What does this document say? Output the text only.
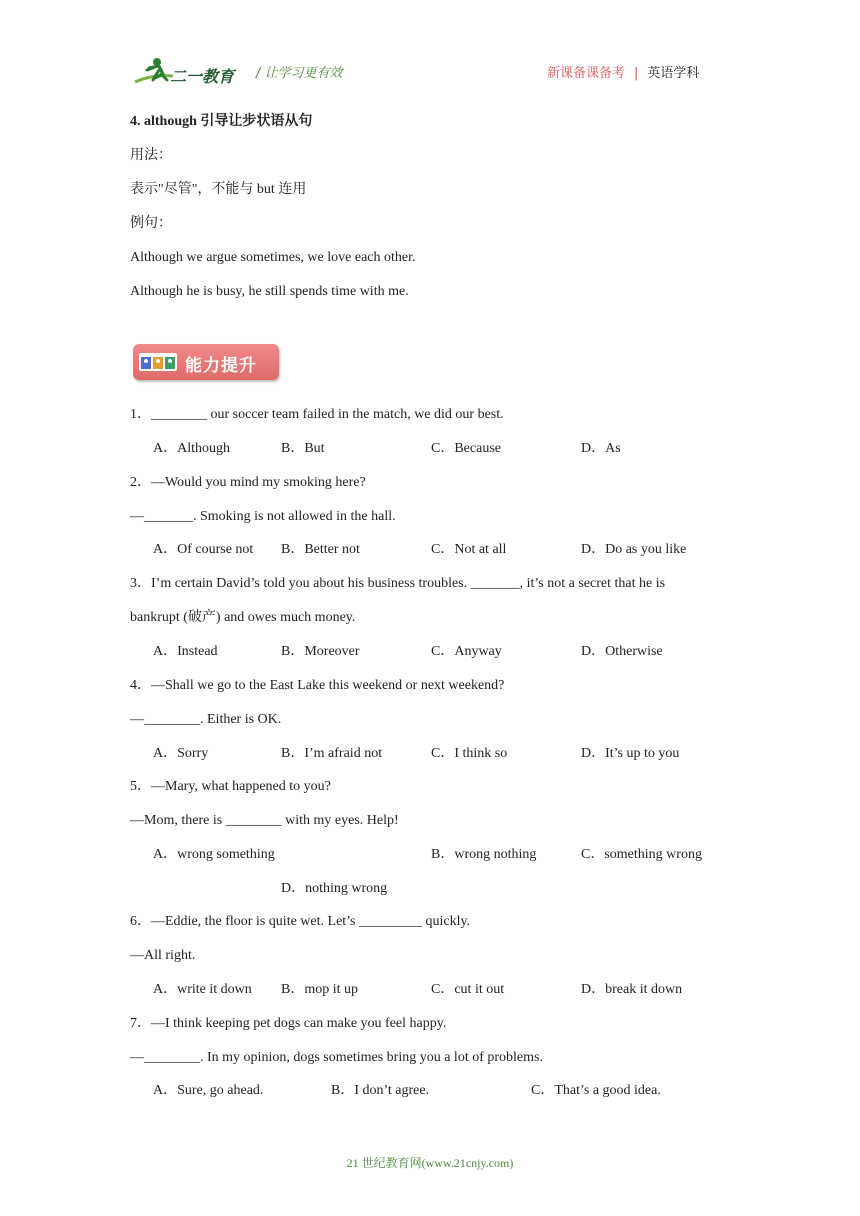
二一教育 / 让学习更有效	新课备课备考 | 英语学科
4. although 引导让步状语从句
用法：
表示"尽管"，不能与 but 连用
例句：
Although we argue sometimes, we love each other.
Although he is busy, he still spends time with me.
能力提升
1．________ our soccer team failed in the match, we did our best.
A．Although	B．But	C．Because	D．As
2．—Would you mind my smoking here?
—_______. Smoking is not allowed in the hall.
A．Of course not B．Better not	C．Not at all	D．Do as you like
3．I’m certain David’s told you about his business troubles. _______, it’s not a secret that he is
bankrupt (破产) and owes much money.
A．Instead	B．Moreover	C．Anyway	D．Otherwise
4．—Shall we go to the East Lake this weekend or next weekend?
—________. Either is OK.
A．Sorry	B．I’m afraid not	C．I think so	D．It’s up to you
5．—Mary, what happened to you?
—Mom, there is ________ with my eyes. Help!
A．wrong something	B．wrong nothing	C．something wrong
D．nothing wrong
6．—Eddie, the floor is quite wet. Let’s _________ quickly.
—All right.
A．write it down B．mop it up	C．cut it out	D．break it down
7．—I think keeping pet dogs can make you feel happy.
—________. In my opinion, dogs sometimes bring you a lot of problems.
A．Sure, go ahead.	B．I don’t agree.	C．That’s a good idea.
21 世纪教育网(www.21cnjy.com)
